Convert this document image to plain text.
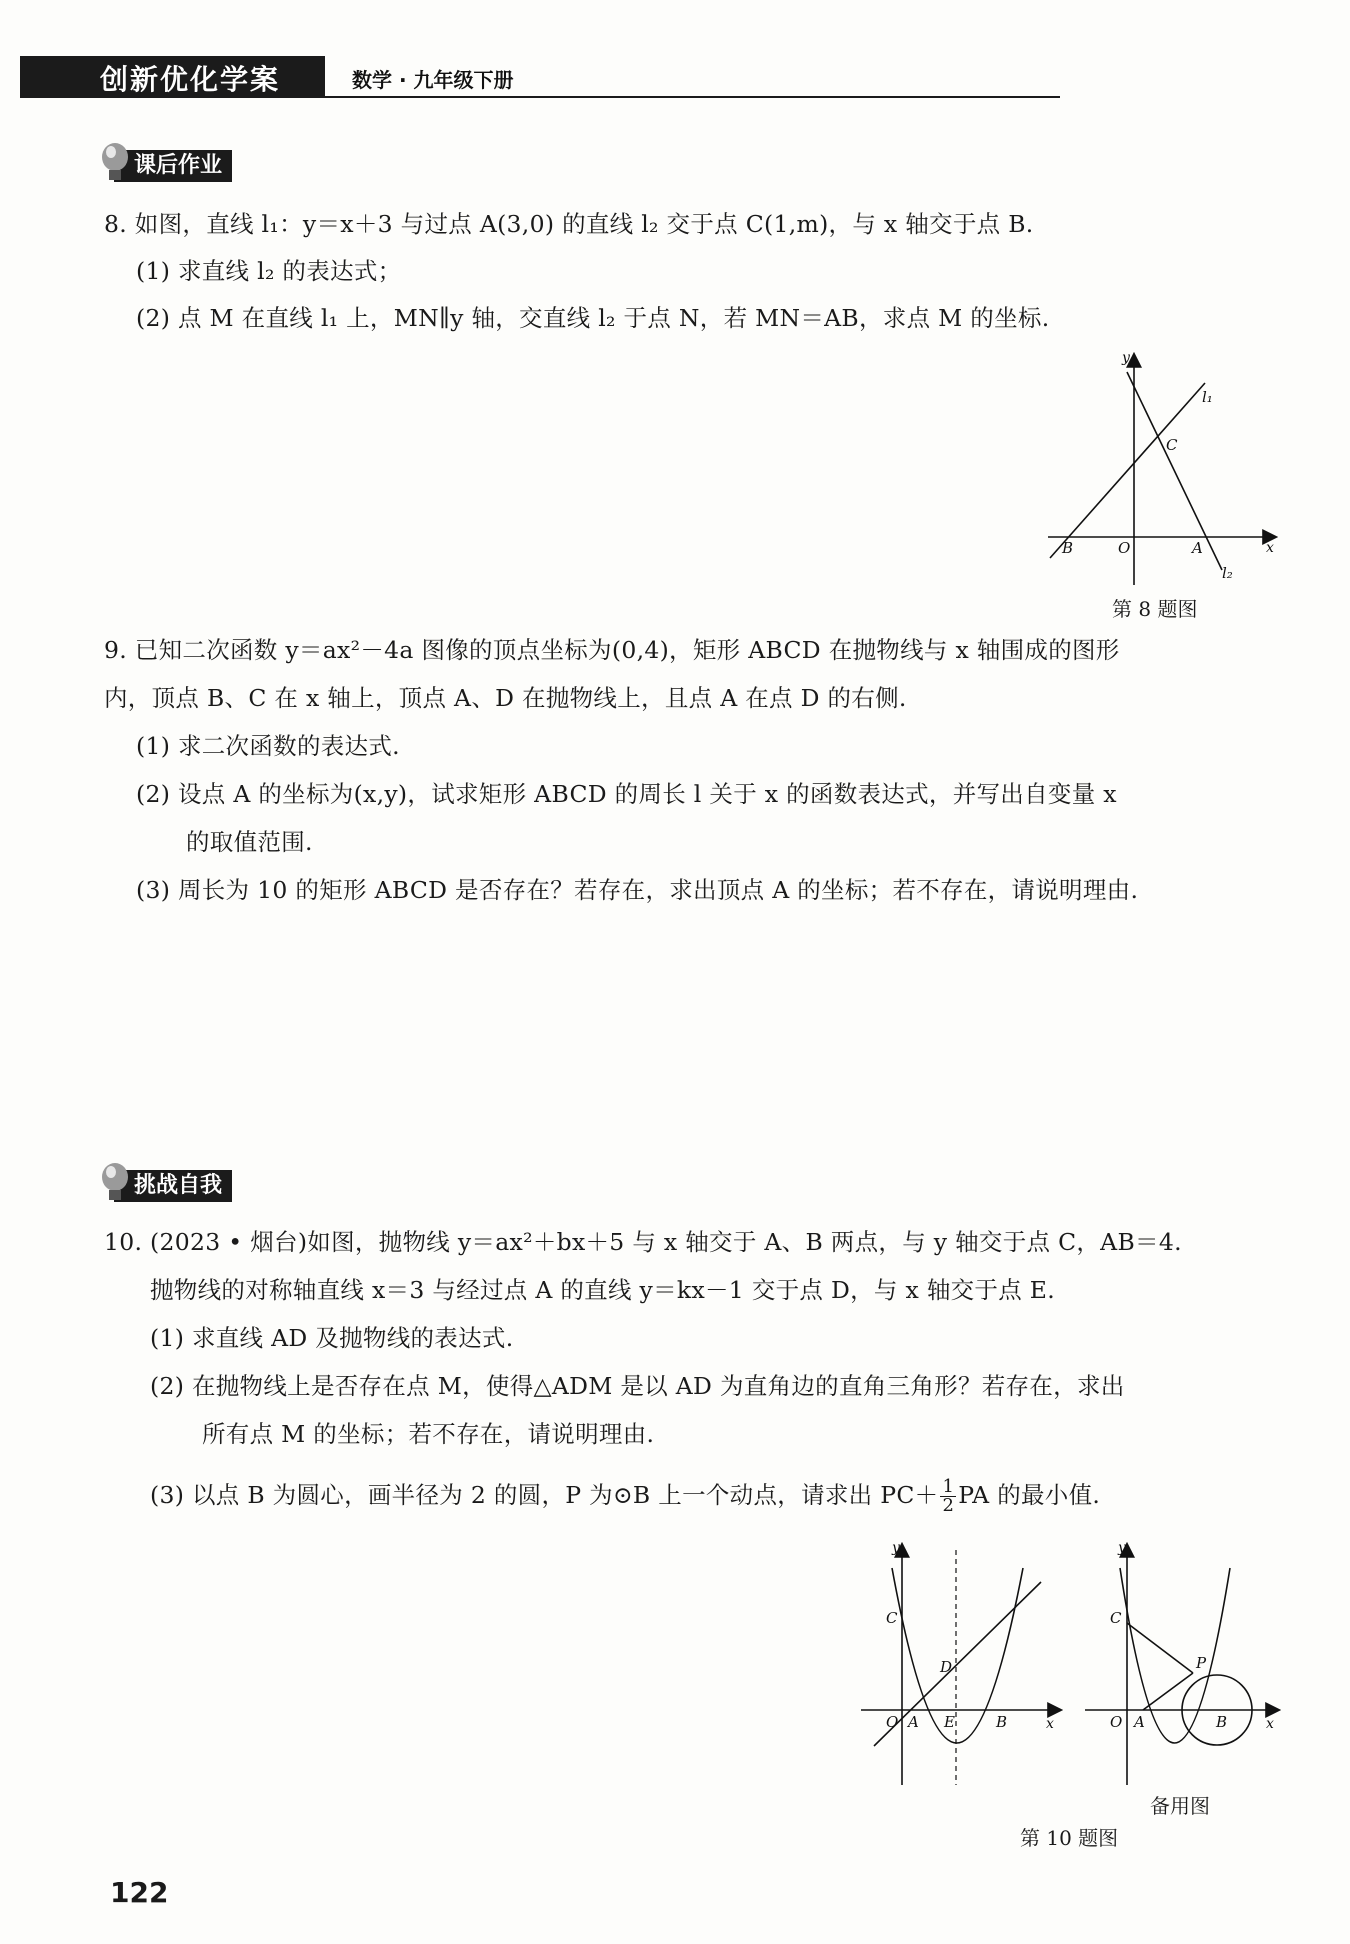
创新优化学案	数学 · 九年级下册
课后作业
8. 如图，直线 l₁：y＝x＋3 与过点 A(3,0) 的直线 l₂ 交于点 C(1,m)，与 x 轴交于点 B.
(1) 求直线 l₂ 的表达式；
(2) 点 M 在直线 l₁ 上，MN∥y 轴，交直线 l₂ 于点 N，若 MN＝AB，求点 M 的坐标.
y
x
l₁
l₂
C
B	O	A
第 8 题图
9. 已知二次函数 y＝ax²－4a 图像的顶点坐标为(0,4)，矩形 ABCD 在抛物线与 x 轴围成的图形
内，顶点 B、C 在 x 轴上，顶点 A、D 在抛物线上，且点 A 在点 D 的右侧.
(1) 求二次函数的表达式.
(2) 设点 A 的坐标为(x,y)，试求矩形 ABCD 的周长 l 关于 x 的函数表达式，并写出自变量 x
的取值范围.
(3) 周长为 10 的矩形 ABCD 是否存在？若存在，求出顶点 A 的坐标；若不存在，请说明理由.
挑战自我
10. (2023 • 烟台)如图，抛物线 y＝ax²＋bx＋5 与 x 轴交于 A、B 两点，与 y 轴交于点 C，AB＝4.
抛物线的对称轴直线 x＝3 与经过点 A 的直线 y＝kx－1 交于点 D，与 x 轴交于点 E.
(1) 求直线 AD 及抛物线的表达式.
(2) 在抛物线上是否存在点 M，使得△ADM 是以 AD 为直角边的直角三角形？若存在，求出
所有点 M 的坐标；若不存在，请说明理由.
(3) 以点 B 为圆心，画半径为 2 的圆，P 为⊙B 上一个动点，请求出 $PC+ \frac{1}{2}$ PA 的最小值.
y
x
C
D
O A E	B
y
x
C
P
O A	B
备用图
第 10 题图
122
